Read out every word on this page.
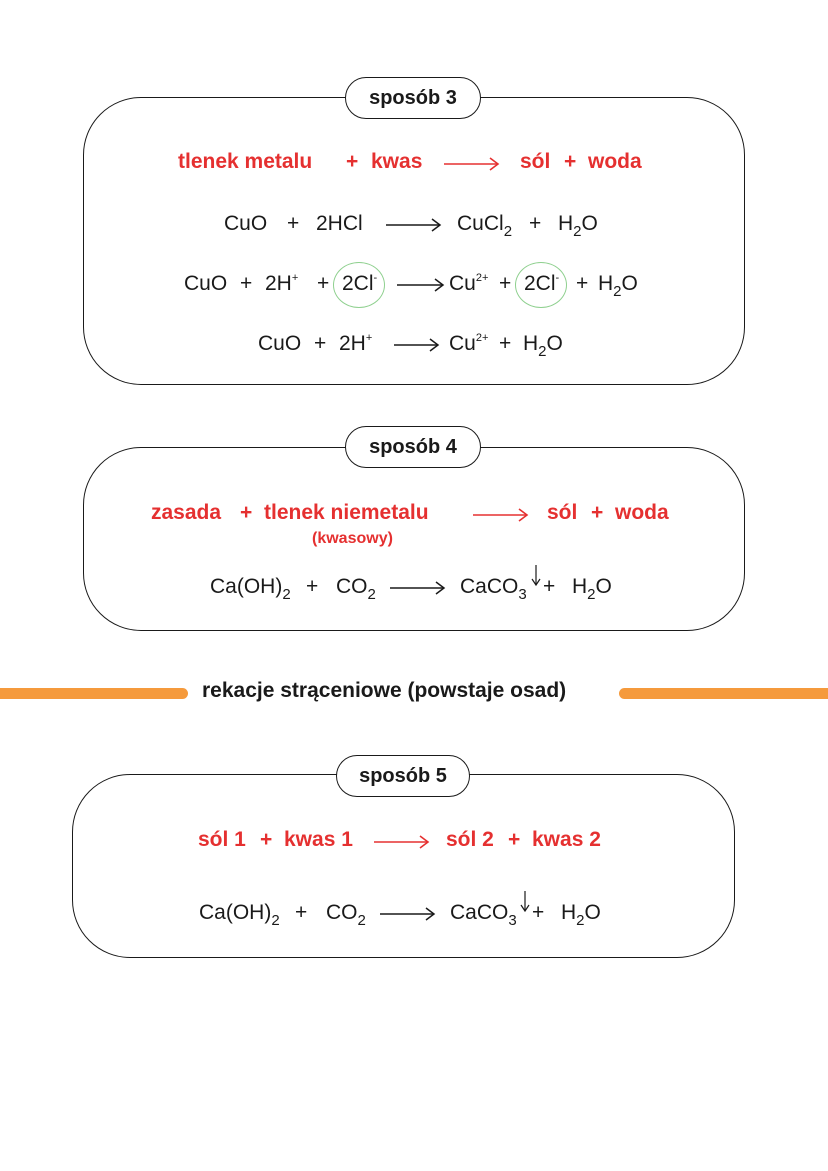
sposób 3
tlenek metalu + kwas	sól + woda
CuO + 2HCl	CuCl$_2$ + $H_2O$
CuO + 2H+ + 2Cl-	$Cu^{2+} + 2Cl^- + H_2O$
CuO + 2H+	$Cu^{2+} + H_2O$
sposób 4
zasada + tlenek niemetalu
(kwasowy)
sól + woda
$Ca(OH)_2 + CO_2$	CaCO$_3$ + $H_2O$
rekacje strąceniowe (powstaje osad)
sposób 5
sól 1 + kwas 1	sól 2 + kwas 2
$Ca(OH)_2 + CO_2$	CaCO$_3$ + $H_2O$
